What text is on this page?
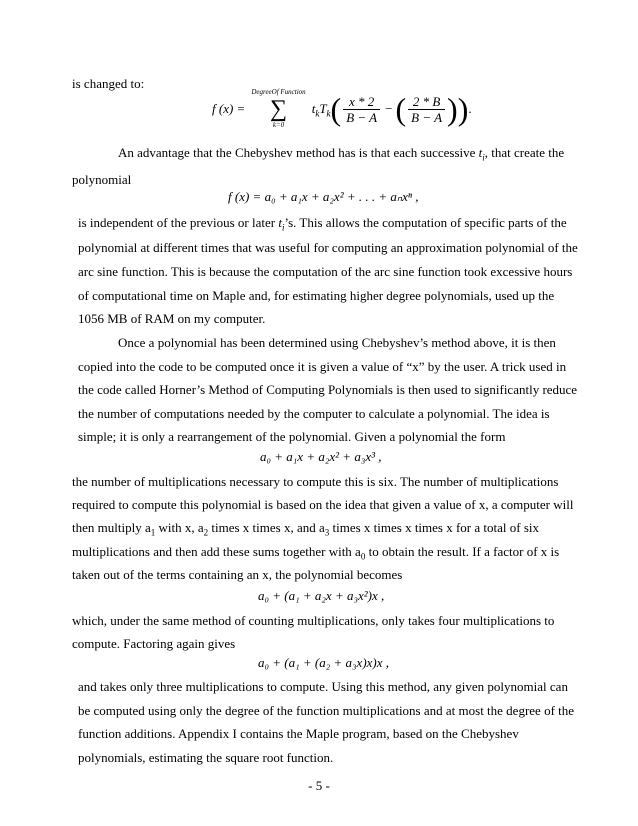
is changed to:
f (x) =
DegreeOf Function
∑
k=0
$t_k$ $T_k$ ( $\frac{x * 2}{B - A}$ − ( $\frac{2 * B}{B - A}$ ) ) .
An advantage that the Chebyshev method has is that each successive $t_i$, that create the
polynomial
f (x) = a₀ + a₁x + a₂x² + . . . + aₙxⁿ ,
is independent of the previous or later $t_i’s$. This allows the computation of specific parts of the
polynomial at different times that was useful for computing an approximation polynomial of the
arc sine function. This is because the computation of the arc sine function took excessive hours
of computational time on Maple and, for estimating higher degree polynomials, used up the
1056 MB of RAM on my computer.
Once a polynomial has been determined using Chebyshev’s method above, it is then
copied into the code to be computed once it is given a value of “x” by the user. A trick used in
the code called Horner’s Method of Computing Polynomials is then used to significantly reduce
the number of computations needed by the computer to calculate a polynomial. The idea is
simple; it is only a rearrangement of the polynomial. Given a polynomial the form
a₀ + a₁x + a₂x² + a₃x³ ,
the number of multiplications necessary to compute this is six. The number of multiplications
required to compute this polynomial is based on the idea that given a value of x, a computer will
then multiply $a_1$ with x, $a_2$ times x times x, and $a_3$ times x times x times x for a total of six
multiplications and then add these sums together with $a_0$ to obtain the result. If a factor of x is
taken out of the terms containing an x, the polynomial becomes
a₀ + (a₁ + a₂x + a₃x²)x ,
which, under the same method of counting multiplications, only takes four multiplications to
compute. Factoring again gives
a₀ + (a₁ + (a₂ + a₃x)x)x ,
and takes only three multiplications to compute. Using this method, any given polynomial can
be computed using only the degree of the function multiplications and at most the degree of the
function additions. Appendix I contains the Maple program, based on the Chebyshev
polynomials, estimating the square root function.
- 5 -
